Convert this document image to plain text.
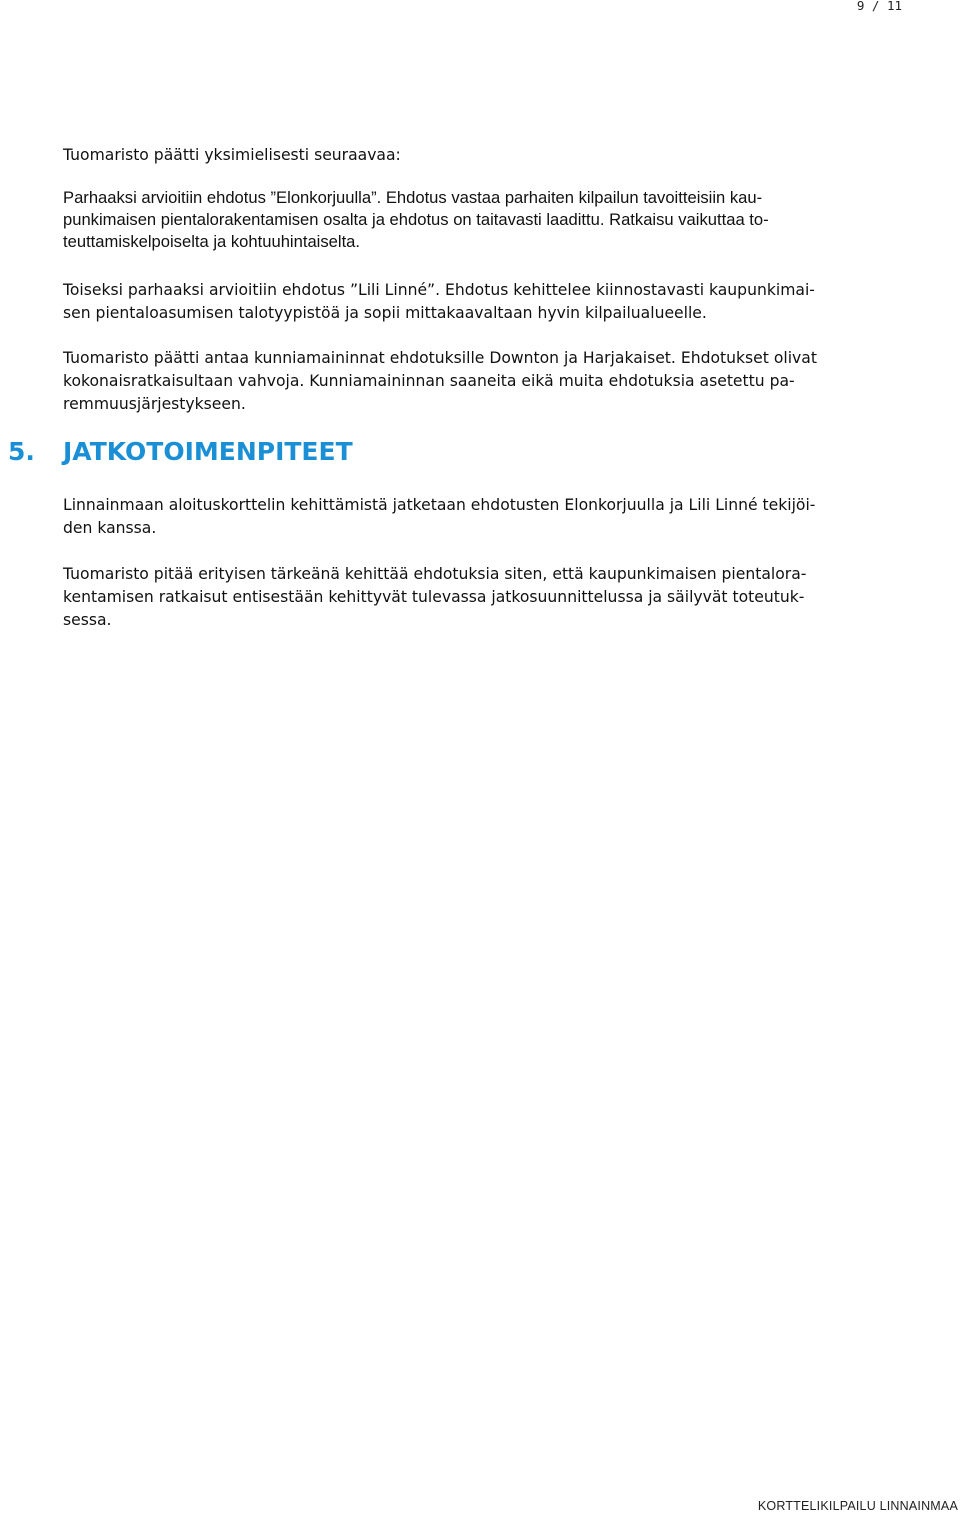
9 / 11
Tuomaristo päätti yksimielisesti seuraavaa:
Parhaaksi arvioitiin ehdotus ”Elonkorjuulla”. Ehdotus vastaa parhaiten kilpailun tavoitteisiin kau-
punkimaisen pientalorakentamisen osalta ja ehdotus on taitavasti laadittu. Ratkaisu vaikuttaa to-
teuttamiskelpoiselta ja kohtuuhintaiselta.
Toiseksi parhaaksi arvioitiin ehdotus ”Lili Linné”. Ehdotus kehittelee kiinnostavasti kaupunkimai-
sen pientaloasumisen talotyypistöä ja sopii mittakaavaltaan hyvin kilpailualueelle.
Tuomaristo päätti antaa kunniamaininnat ehdotuksille Downton ja Harjakaiset. Ehdotukset olivat
kokonaisratkaisultaan vahvoja. Kunniamaininnan saaneita eikä muita ehdotuksia asetettu pa-
remmuusjärjestykseen.
5. JATKOTOIMENPITEET
Linnainmaan aloituskorttelin kehittämistä jatketaan ehdotusten Elonkorjuulla ja Lili Linné tekijöi-
den kanssa.
Tuomaristo pitää erityisen tärkeänä kehittää ehdotuksia siten, että kaupunkimaisen pientalora-
kentamisen ratkaisut entisestään kehittyvät tulevassa jatkosuunnittelussa ja säilyvät toteutuk-
sessa.
KORTTELIKILPAILU LINNAINMAA
